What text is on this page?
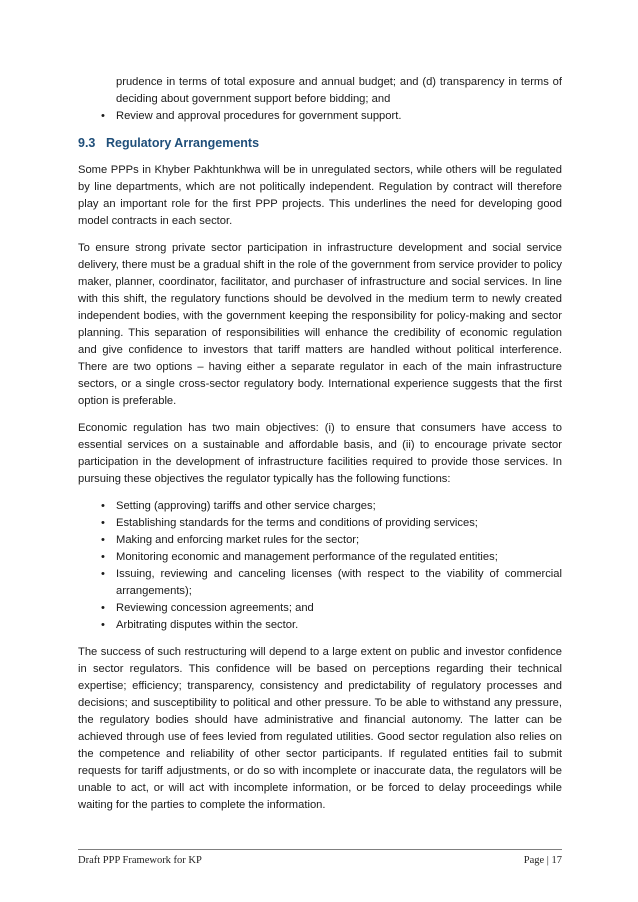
prudence in terms of total exposure and annual budget; and (d) transparency in terms of deciding about government support before bidding; and
• Review and approval procedures for government support.
9.3 Regulatory Arrangements

Some PPPs in Khyber Pakhtunkhwa will be in unregulated sectors, while others will be regulated by line departments, which are not politically independent. Regulation by contract will therefore play an important role for the first PPP projects. This underlines the need for developing good model contracts in each sector.

To ensure strong private sector participation in infrastructure development and social service delivery, there must be a gradual shift in the role of the government from service provider to policy maker, planner, coordinator, facilitator, and purchaser of infrastructure and social services. In line with this shift, the regulatory functions should be devolved in the medium term to newly created independent bodies, with the government keeping the responsibility for policy-making and sector planning. This separation of responsibilities will enhance the credibility of economic regulation and give confidence to investors that tariff matters are handled without political interference. There are two options – having either a separate regulator in each of the main infrastructure sectors, or a single cross-sector regulatory body. International experience suggests that the first option is preferable.

Economic regulation has two main objectives: (i) to ensure that consumers have access to essential services on a sustainable and affordable basis, and (ii) to encourage private sector participation in the development of infrastructure facilities required to provide those services. In pursuing these objectives the regulator typically has the following functions:

• Setting (approving) tariffs and other service charges;
• Establishing standards for the terms and conditions of providing services;
• Making and enforcing market rules for the sector;
• Monitoring economic and management performance of the regulated entities;
• Issuing, reviewing and canceling licenses (with respect to the viability of commercial arrangements);
• Reviewing concession agreements; and
• Arbitrating disputes within the sector.

The success of such restructuring will depend to a large extent on public and investor confidence in sector regulators. This confidence will be based on perceptions regarding their technical expertise; efficiency; transparency, consistency and predictability of regulatory processes and decisions; and susceptibility to political and other pressure. To be able to withstand any pressure, the regulatory bodies should have administrative and financial autonomy. The latter can be achieved through use of fees levied from regulated utilities. Good sector regulation also relies on the competence and reliability of other sector participants. If regulated entities fail to submit requests for tariff adjustments, or do so with incomplete or inaccurate data, the regulators will be unable to act, or will act with incomplete information, or be forced to delay proceedings while waiting for the parties to complete the information.

Draft PPP Framework for KP	Page | 17
